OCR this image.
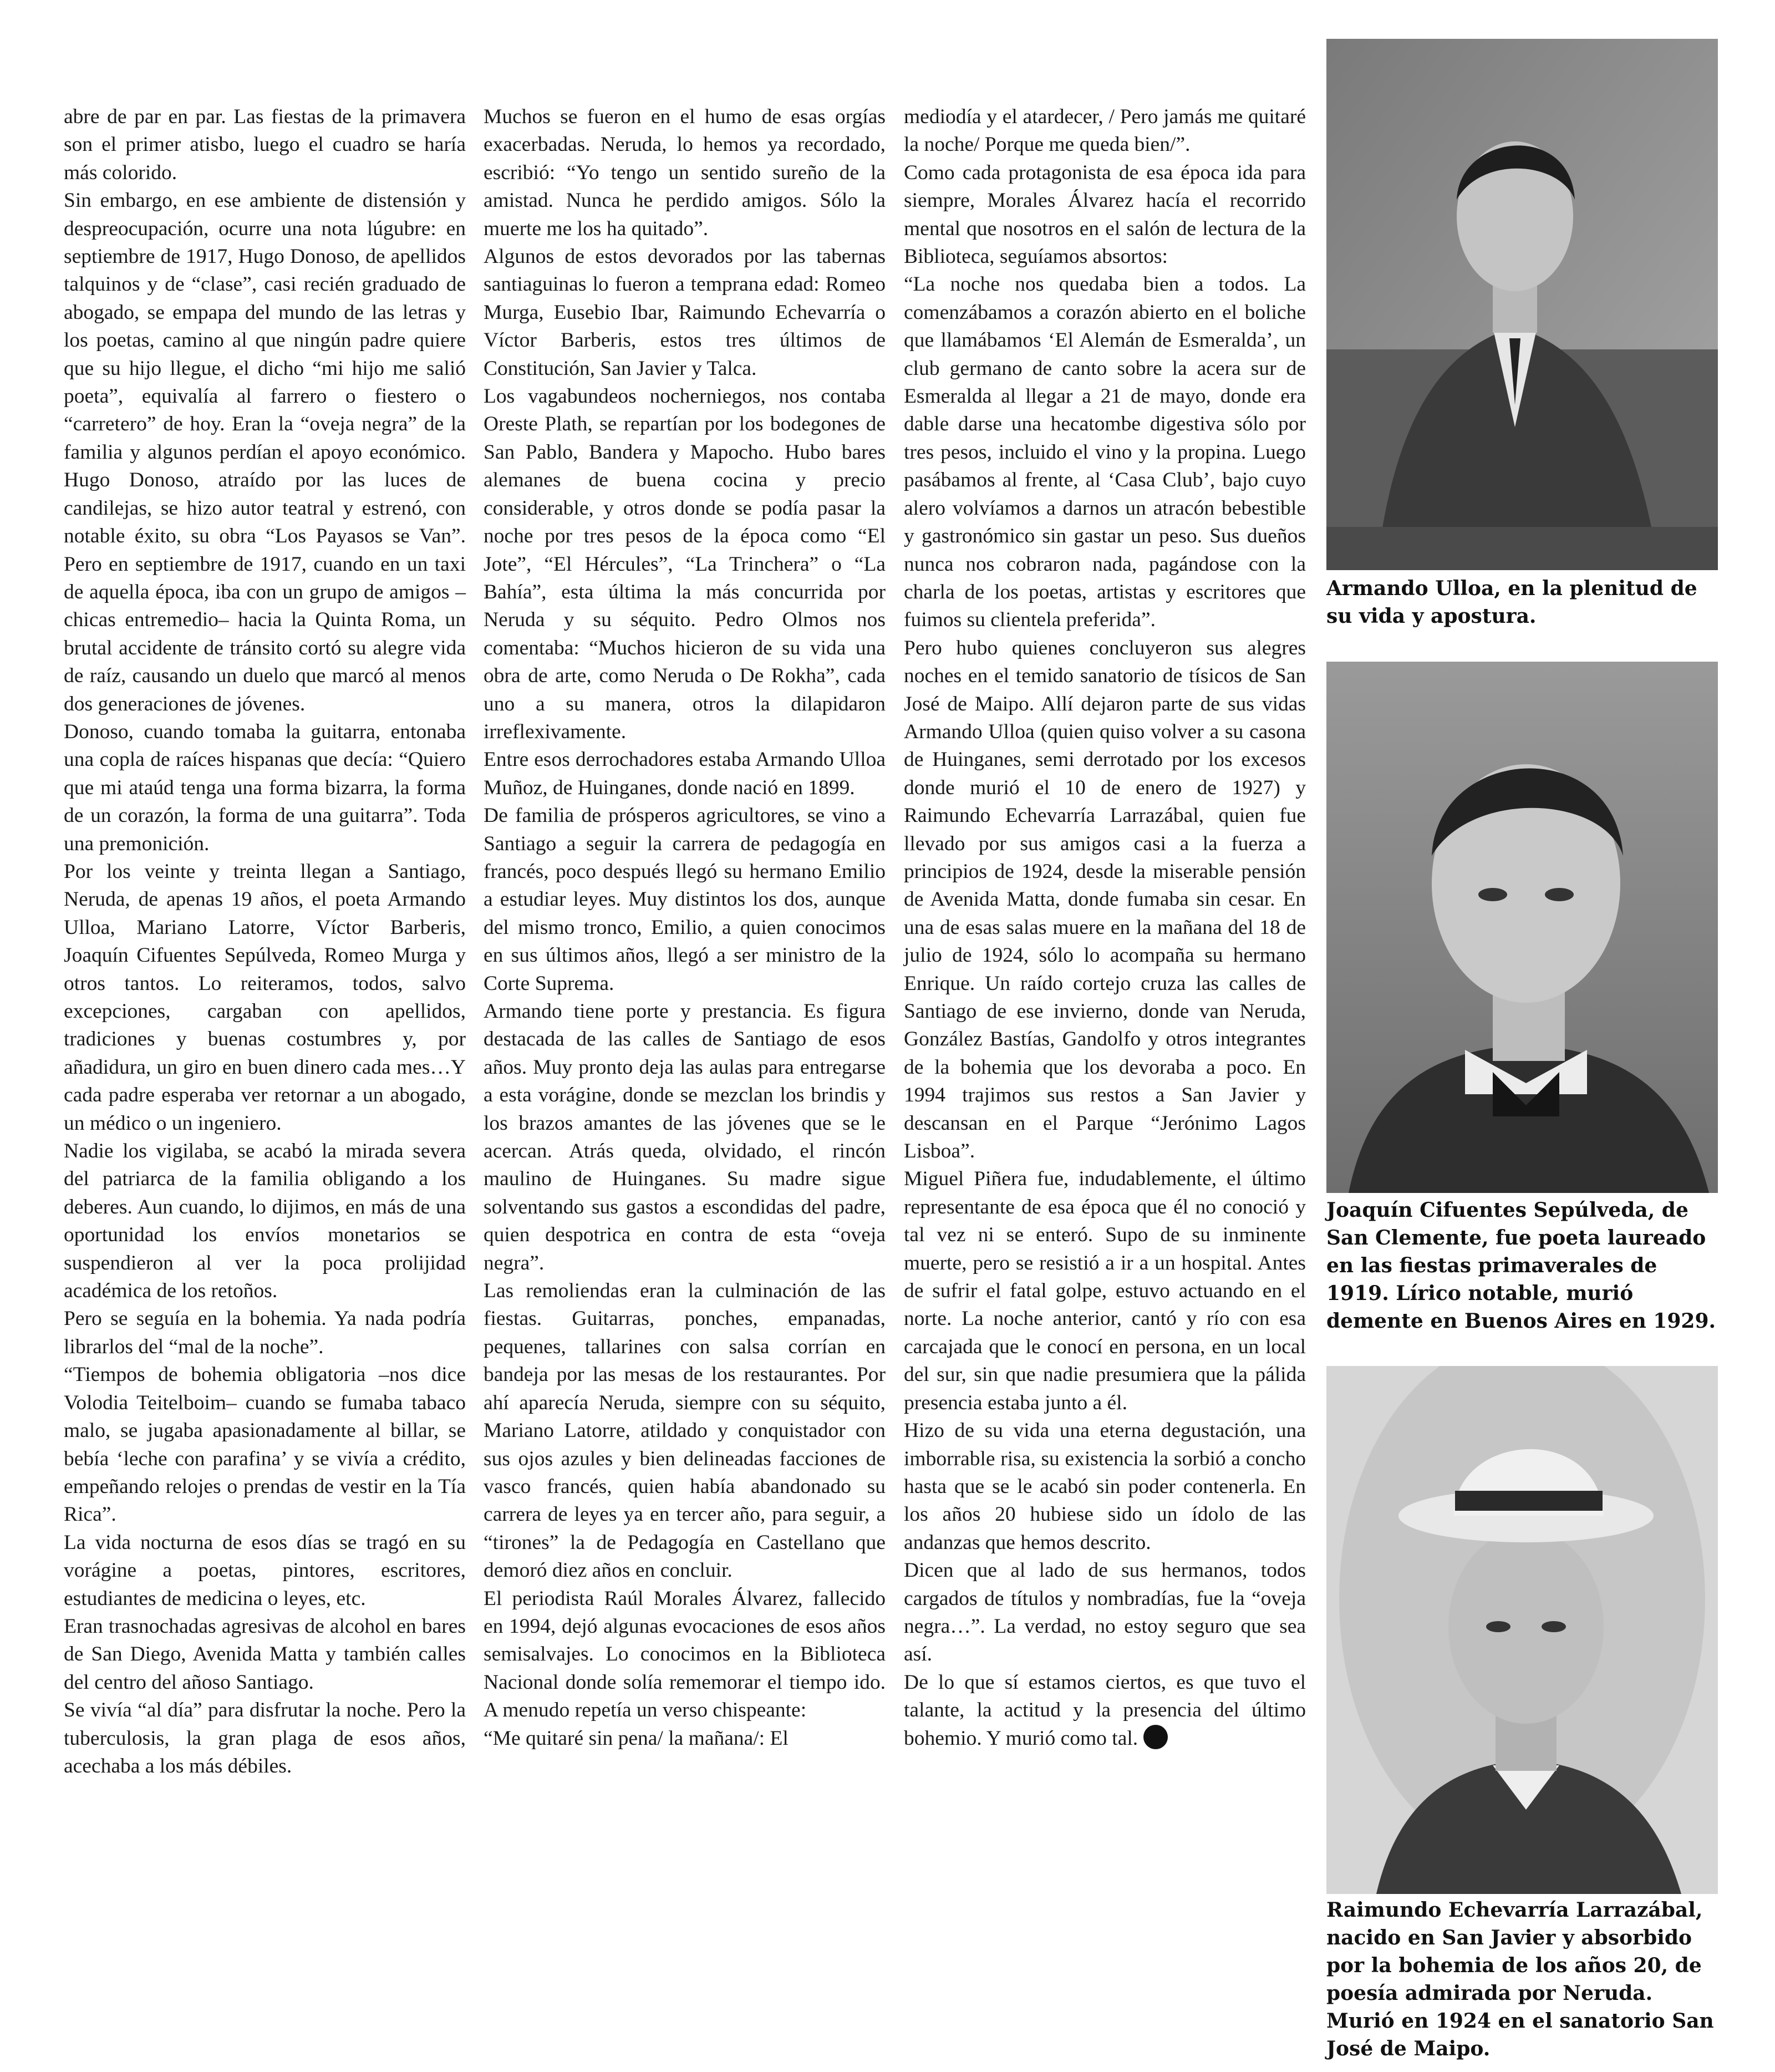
abre de par en par. Las fiestas de la primavera son el primer atisbo, luego el cuadro se haría más colorido.

Sin embargo, en ese ambiente de distensión y despreocupación, ocurre una nota lúgubre: en septiembre de 1917, Hugo Donoso, de apellidos talquinos y de “clase”, casi recién graduado de abogado, se empapa del mundo de las letras y los poetas, camino al que ningún padre quiere que su hijo llegue, el dicho “mi hijo me salió poeta”, equivalía al farrero o fiestero o “carretero” de hoy. Eran la “oveja negra” de la familia y algunos perdían el apoyo económico. Hugo Donoso, atraído por las luces de candilejas, se hizo autor teatral y estrenó, con notable éxito, su obra “Los Payasos se Van”. Pero en septiembre de 1917, cuando en un taxi de aquella época, iba con un grupo de amigos –chicas entremedio– hacia la Quinta Roma, un brutal accidente de tránsito cortó su alegre vida de raíz, causando un duelo que marcó al menos dos generaciones de jóvenes.

Donoso, cuando tomaba la guitarra, entonaba una copla de raíces hispanas que decía: “Quiero que mi ataúd tenga una forma bizarra, la forma de un corazón, la forma de una guitarra”. Toda una premonición.

Por los veinte y treinta llegan a Santiago, Neruda, de apenas 19 años, el poeta Armando Ulloa, Mariano Latorre, Víctor Barberis, Joaquín Cifuentes Sepúlveda, Romeo Murga y otros tantos. Lo reiteramos, todos, salvo excepciones, cargaban con apellidos, tradiciones y buenas costumbres y, por añadidura, un giro en buen dinero cada mes…Y cada padre esperaba ver retornar a un abogado, un médico o un ingeniero.

Nadie los vigilaba, se acabó la mirada severa del patriarca de la familia obligando a los deberes. Aun cuando, lo dijimos, en más de una oportunidad los envíos monetarios se suspendieron al ver la poca prolijidad académica de los retoños.

Pero se seguía en la bohemia. Ya nada podría librarlos del “mal de la noche”.

“Tiempos de bohemia obligatoria –nos dice Volodia Teitelboim– cuando se fumaba tabaco malo, se jugaba apasionadamente al billar, se bebía ‘leche con parafina’ y se vivía a crédito, empeñando relojes o prendas de vestir en la Tía Rica”.

La vida nocturna de esos días se tragó en su vorágine a poetas, pintores, escritores, estudiantes de medicina o leyes, etc.

Eran trasnochadas agresivas de alcohol en bares de San Diego, Avenida Matta y también calles del centro del añoso Santiago.

Se vivía “al día” para disfrutar la noche. Pero la tuberculosis, la gran plaga de esos años, acechaba a los más débiles.

Muchos se fueron en el humo de esas orgías exacerbadas. Neruda, lo hemos ya recordado, escribió: “Yo tengo un sentido sureño de la amistad. Nunca he perdido amigos. Sólo la muerte me los ha quitado”.

Algunos de estos devorados por las tabernas santiaguinas lo fueron a temprana edad: Romeo Murga, Eusebio Ibar, Raimundo Echevarría o Víctor Barberis, estos tres últimos de Constitución, San Javier y Talca.

Los vagabundeos nocherniegos, nos contaba Oreste Plath, se repartían por los bodegones de San Pablo, Bandera y Mapocho. Hubo bares alemanes de buena cocina y precio considerable, y otros donde se podía pasar la noche por tres pesos de la época como “El Jote”, “El Hércules”, “La Trinchera” o “La Bahía”, esta última la más concurrida por Neruda y su séquito. Pedro Olmos nos comentaba: “Muchos hicieron de su vida una obra de arte, como Neruda o De Rokha”, cada uno a su manera, otros la dilapidaron irreflexivamente.

Entre esos derrochadores estaba Armando Ulloa Muñoz, de Huinganes, donde nació en 1899.

De familia de prósperos agricultores, se vino a Santiago a seguir la carrera de pedagogía en francés, poco después llegó su hermano Emilio a estudiar leyes. Muy distintos los dos, aunque del mismo tronco, Emilio, a quien conocimos en sus últimos años, llegó a ser ministro de la Corte Suprema.

Armando tiene porte y prestancia. Es figura destacada de las calles de Santiago de esos años. Muy pronto deja las aulas para entregarse a esta vorágine, donde se mezclan los brindis y los brazos amantes de las jóvenes que se le acercan. Atrás queda, olvidado, el rincón maulino de Huinganes. Su madre sigue solventando sus gastos a escondidas del padre, quien despotrica en contra de esta “oveja negra”.

Las remoliendas eran la culminación de las fiestas. Guitarras, ponches, empanadas, pequenes, tallarines con salsa corrían en bandeja por las mesas de los restaurantes. Por ahí aparecía Neruda, siempre con su séquito, Mariano Latorre, atildado y conquistador con sus ojos azules y bien delineadas facciones de vasco francés, quien había abandonado su carrera de leyes ya en tercer año, para seguir, a “tirones” la de Pedagogía en Castellano que demoró diez años en concluir.

El periodista Raúl Morales Álvarez, fallecido en 1994, dejó algunas evocaciones de esos años semisalvajes. Lo conocimos en la Biblioteca Nacional donde solía rememorar el tiempo ido. A menudo repetía un verso chispeante:

“Me quitaré sin pena/ la mañana/: El

mediodía y el atardecer, / Pero jamás me quitaré la noche/ Porque me queda bien/”.

Como cada protagonista de esa época ida para siempre, Morales Álvarez hacía el recorrido mental que nosotros en el salón de lectura de la Biblioteca, seguíamos absortos:

“La noche nos quedaba bien a todos. La comenzábamos a corazón abierto en el boliche que llamábamos ‘El Alemán de Esmeralda’, un club germano de canto sobre la acera sur de Esmeralda al llegar a 21 de mayo, donde era dable darse una hecatombe digestiva sólo por tres pesos, incluido el vino y la propina. Luego pasábamos al frente, al ‘Casa Club’, bajo cuyo alero volvíamos a darnos un atracón bebestible y gastronómico sin gastar un peso. Sus dueños nunca nos cobraron nada, pagándose con la charla de los poetas, artistas y escritores que fuimos su clientela preferida”.

Pero hubo quienes concluyeron sus alegres noches en el temido sanatorio de tísicos de San José de Maipo. Allí dejaron parte de sus vidas Armando Ulloa (quien quiso volver a su casona de Huinganes, semi derrotado por los excesos donde murió el 10 de enero de 1927) y Raimundo Echevarría Larrazábal, quien fue llevado por sus amigos casi a la fuerza a principios de 1924, desde la miserable pensión de Avenida Matta, donde fumaba sin cesar. En una de esas salas muere en la mañana del 18 de julio de 1924, sólo lo acompaña su hermano Enrique. Un raído cortejo cruza las calles de Santiago de ese invierno, donde van Neruda, González Bastías, Gandolfo y otros integrantes de la bohemia que los devoraba a poco. En 1994 trajimos sus restos a San Javier y descansan en el Parque “Jerónimo Lagos Lisboa”.

Miguel Piñera fue, indudablemente, el último representante de esa época que él no conoció y tal vez ni se enteró. Supo de su inminente muerte, pero se resistió a ir a un hospital. Antes de sufrir el fatal golpe, estuvo actuando en el norte. La noche anterior, cantó y río con esa carcajada que le conocí en persona, en un local del sur, sin que nadie presumiera que la pálida presencia estaba junto a él.

Hizo de su vida una eterna degustación, una imborrable risa, su existencia la sorbió a concho hasta que se le acabó sin poder contenerla. En los años 20 hubiese sido un ídolo de las andanzas que hemos descrito.

Dicen que al lado de sus hermanos, todos cargados de títulos y nombradías, fue la “oveja negra…”. La verdad, no estoy seguro que sea así.

De lo que sí estamos ciertos, es que tuvo el talante, la actitud y la presencia del último bohemio. Y murió como tal.

Armando Ulloa, en la plenitud de su vida y apostura.
Joaquín Cifuentes Sepúlveda, de San Clemente, fue poeta laureado en las fiestas primaverales de 1919. Lírico notable, murió demente en Buenos Aires en 1929.
Raimundo Echevarría Larrazábal, nacido en San Javier y absorbido por la bohemia de los años 20, de poesía admirada por Neruda. Murió en 1924 en el sanatorio San José de Maipo.
